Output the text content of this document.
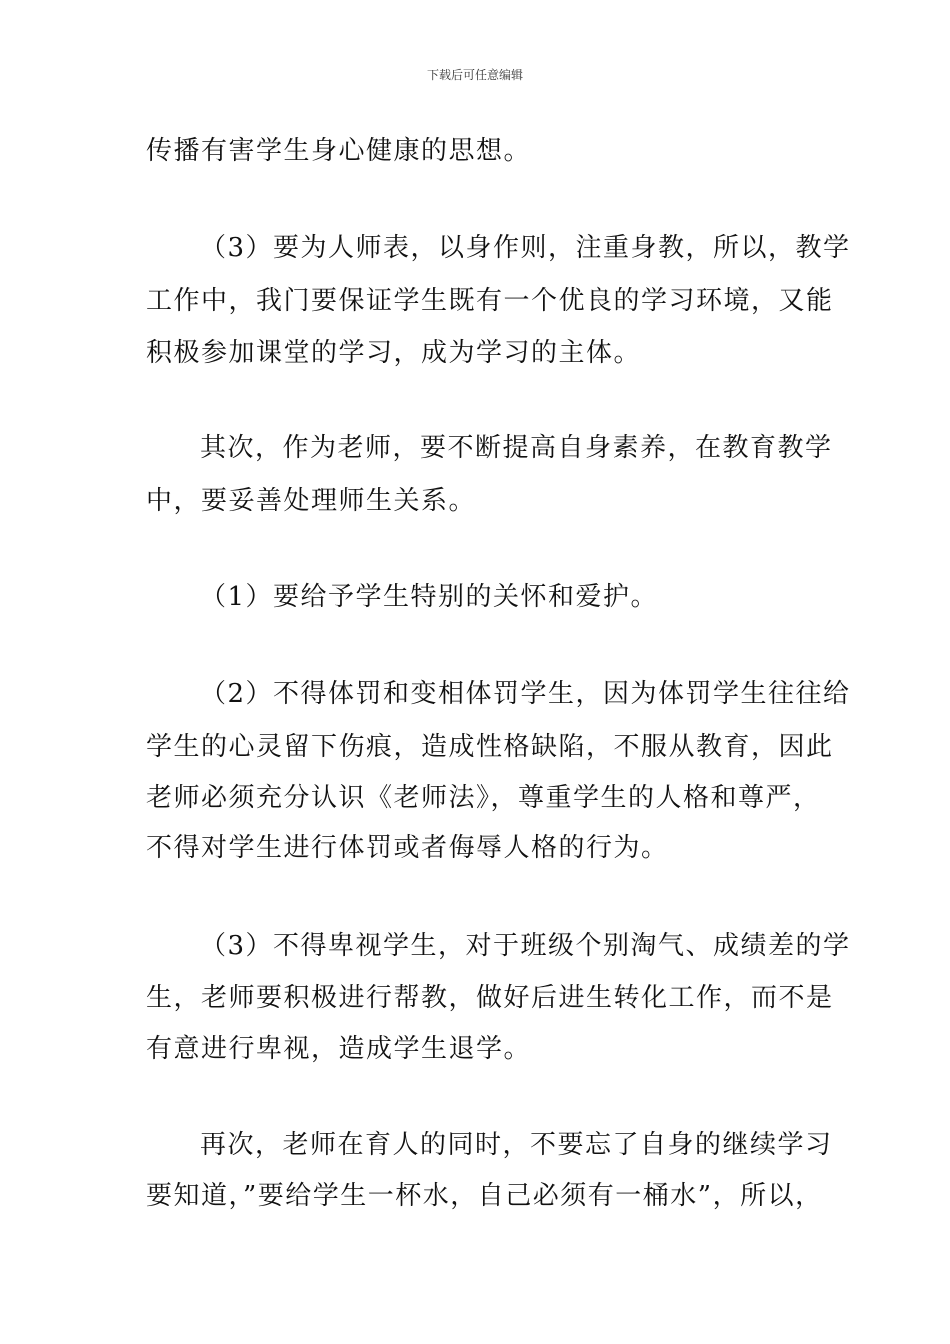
下载后可任意编辑
传播有害学生身心健康的思想。
（3）要为人师表，以身作则，注重身教，所以，教学
工作中，我门要保证学生既有一个优良的学习环境，又能
积极参加课堂的学习，成为学习的主体。
其次，作为老师，要不断提高自身素养，在教育教学
中，要妥善处理师生关系。
（1）要给予学生特别的关怀和爱护。
（2）不得体罚和变相体罚学生，因为体罚学生往往给
学生的心灵留下伤痕，造成性格缺陷，不服从教育，因此
老师必须充分认识《老师法》，尊重学生的人格和尊严，
不得对学生进行体罚或者侮辱人格的行为。
（3）不得卑视学生，对于班级个别淘气、成绩差的学
生，老师要积极进行帮教，做好后进生转化工作，而不是
有意进行卑视，造成学生退学。
再次，老师在育人的同时，不要忘了自身的继续学习
要知道，”要给学生一杯水，自己必须有一桶水”，所以，
